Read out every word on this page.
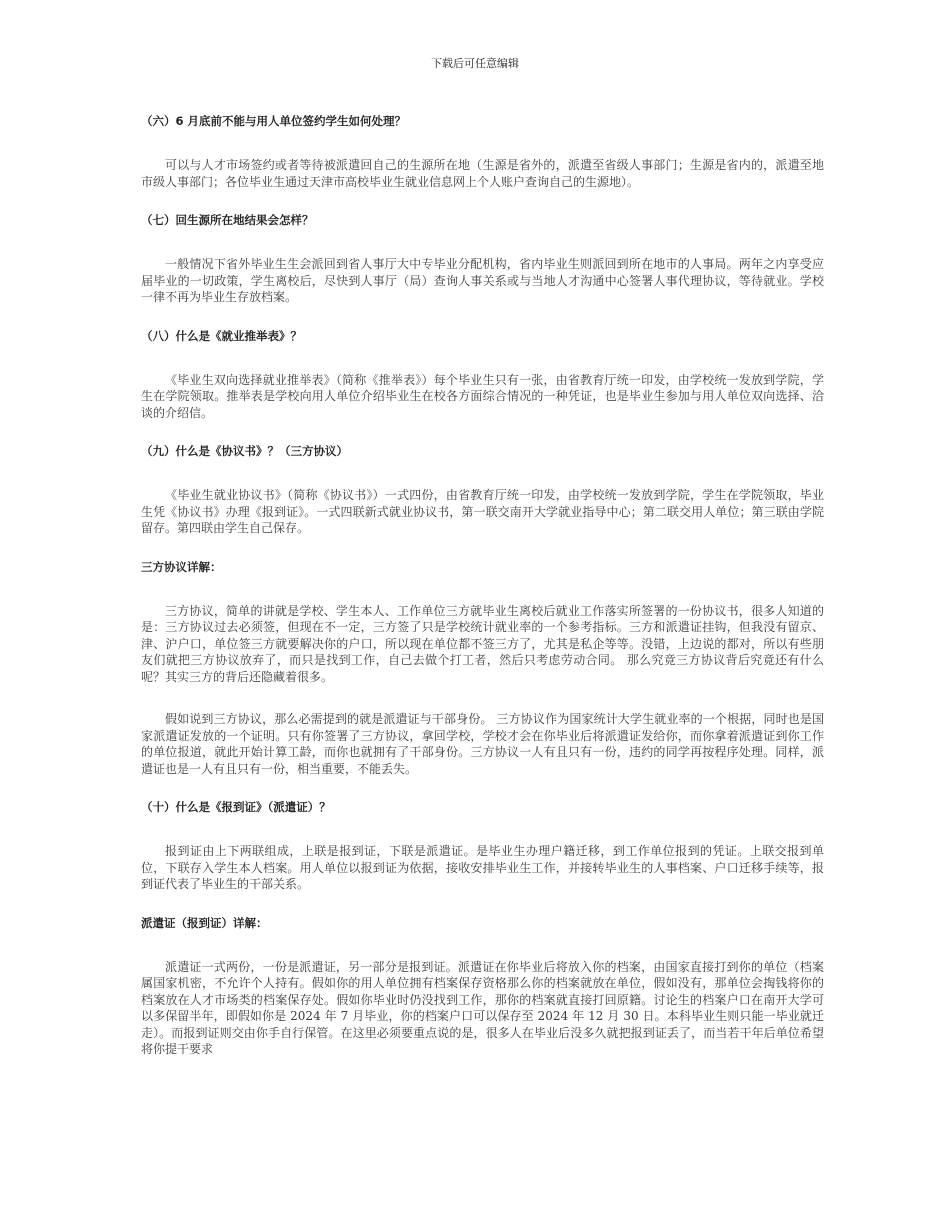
下载后可任意编辑
（六）6 月底前不能与用人单位签约学生如何处理？

可以与人才市场签约或者等待被派遣回自己的生源所在地（生源是省外的，派遣至省级人事部门；生源是省内的，派遣至地市级人事部门；各位毕业生通过天津市高校毕业生就业信息网上个人账户查询自己的生源地）。

（七）回生源所在地结果会怎样？

一般情况下省外毕业生生会派回到省人事厅大中专毕业分配机构，省内毕业生则派回到所在地市的人事局。两年之内享受应届毕业的一切政策，学生离校后，尽快到人事厅（局）查询人事关系或与当地人才沟通中心签署人事代理协议，等待就业。学校一律不再为毕业生存放档案。

（八）什么是《就业推举表》？

《毕业生双向选择就业推举表》（简称《推举表》）每个毕业生只有一张，由省教育厅统一印发，由学校统一发放到学院，学生在学院领取。推举表是学校向用人单位介绍毕业生在校各方面综合情况的一种凭证，也是毕业生参加与用人单位双向选择、洽谈的介绍信。

（九）什么是《协议书》？（三方协议）

《毕业生就业协议书》（简称《协议书》）一式四份，由省教育厅统一印发，由学校统一发放到学院，学生在学院领取，毕业生凭《协议书》办理《报到证》。一式四联新式就业协议书，第一联交南开大学就业指导中心；第二联交用人单位；第三联由学院留存。第四联由学生自己保存。

三方协议详解：

三方协议，简单的讲就是学校、学生本人、工作单位三方就毕业生离校后就业工作落实所签署的一份协议书，很多人知道的是：三方协议过去必须签，但现在不一定，三方签了只是学校统计就业率的一个参考指标。三方和派遣证挂钩，但我没有留京、津、沪户口，单位签三方就要解决你的户口，所以现在单位都不签三方了，尤其是私企等等。没错，上边说的都对，所以有些朋友们就把三方协议放弃了，而只是找到工作，自己去做个打工者，然后只考虑劳动合同。 那么究竟三方协议背后究竟还有什么呢？其实三方的背后还隐藏着很多。

假如说到三方协议，那么必需提到的就是派遣证与干部身份。 三方协议作为国家统计大学生就业率的一个根据，同时也是国家派遣证发放的一个证明。只有你签署了三方协议，拿回学校，学校才会在你毕业后将派遣证发给你，而你拿着派遣证到你工作的单位报道，就此开始计算工龄，而你也就拥有了干部身份。三方协议一人有且只有一份，违约的同学再按程序处理。同样，派遣证也是一人有且只有一份，相当重要，不能丢失。

（十）什么是《报到证》（派遣证）？

报到证由上下两联组成，上联是报到证，下联是派遣证。是毕业生办理户籍迁移，到工作单位报到的凭证。上联交报到单位，下联存入学生本人档案。用人单位以报到证为依据，接收安排毕业生工作，并接转毕业生的人事档案、户口迁移手续等，报到证代表了毕业生的干部关系。

派遣证（报到证）详解：

派遣证一式两份，一份是派遣证，另一部分是报到证。派遣证在你毕业后将放入你的档案，由国家直接打到你的单位（档案属国家机密，不允许个人持有。假如你的用人单位拥有档案保存资格那么你的档案就放在单位，假如没有，那单位会掏钱将你的档案放在人才市场类的档案保存处。假如你毕业时仍没找到工作，那你的档案就直接打回原籍。讨论生的档案户口在南开大学可以多保留半年，即假如你是 2024 年 7 月毕业，你的档案户口可以保存至 2024 年 12 月 30 日。本科毕业生则只能一毕业就迁走）。而报到证则交由你手自行保管。在这里必须要重点说的是，很多人在毕业后没多久就把报到证丢了，而当若干年后单位希望将你提干要求
